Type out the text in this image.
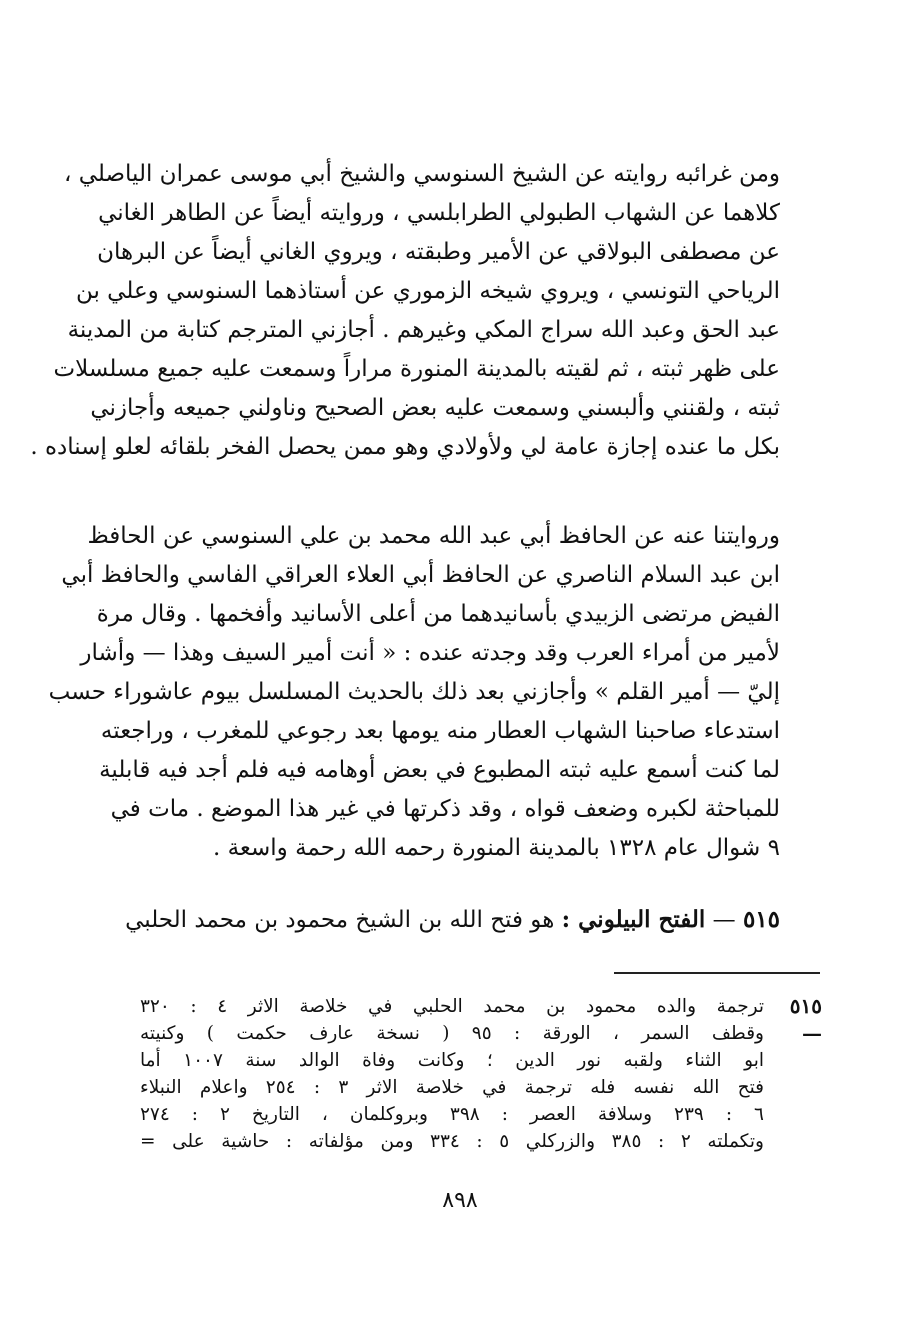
ومن غرائبه روايته عن الشيخ السنوسي والشيخ أبي موسى عمران الياصلي ،
كلاهما عن الشهاب الطبولي الطرابلسي ، وروايته أيضاً عن الطاهر الغاني
عن مصطفى البولاقي عن الأمير وطبقته ، ويروي الغاني أيضاً عن البرهان
الرياحي التونسي ، ويروي شيخه الزموري عن أستاذهما السنوسي وعلي بن
عبد الحق وعبد الله سراج المكي وغيرهم . أجازني المترجم كتابة من المدينة
على ظهر ثبته ، ثم لقيته بالمدينة المنورة مراراً وسمعت عليه جميع مسلسلات
ثبته ، ولقنني وألبسني وسمعت عليه بعض الصحيح وناولني جميعه وأجازني
بكل ما عنده إجازة عامة لي ولأولادي وهو ممن يحصل الفخر بلقائه لعلو إسناده .
وروايتنا عنه عن الحافظ أبي عبد الله محمد بن علي السنوسي عن الحافظ
ابن عبد السلام الناصري عن الحافظ أبي العلاء العراقي الفاسي والحافظ أبي
الفيض مرتضى الزبيدي بأسانيدهما من أعلى الأسانيد وأفخمها . وقال مرة
لأمير من أمراء العرب وقد وجدته عنده : « أنت أمير السيف وهذا — وأشار
إليّ — أمير القلم » وأجازني بعد ذلك بالحديث المسلسل بيوم عاشوراء حسب
استدعاء صاحبنا الشهاب العطار منه يومها بعد رجوعي للمغرب ، وراجعته
لما كنت أسمع عليه ثبته المطبوع في بعض أوهامه فيه فلم أجد فيه قابلية
للمباحثة لكبره وضعف قواه ، وقد ذكرتها في غير هذا الموضع . مات في
٩ شوال عام ١٣٢٨ بالمدينة المنورة رحمه الله رحمة واسعة .
٥١٥ — الفتح البيلوني : هو فتح الله بن الشيخ محمود بن محمد الحلبي
٥١٥ —
ترجمة والده محمود بن محمد الحلبي في خلاصة الاثر ٤ : ٣٢٠
وقطف السمر ، الورقة : ٩٥ ( نسخة عارف حكمت ) وكنيته
ابو الثناء ولقبه نور الدين ؛ وكانت وفاة الوالد سنة ١٠٠٧ أما
فتح الله نفسه فله ترجمة في خلاصة الاثر ٣ : ٢٥٤ واعلام النبلاء
٦ : ٢٣٩ وسلافة العصر : ٣٩٨ وبروكلمان ، التاريخ ٢ : ٢٧٤
وتكملته ٢ : ٣٨٥ والزركلي ٥ : ٣٣٤ ومن مؤلفاته : حاشية على =
٨٩٨
